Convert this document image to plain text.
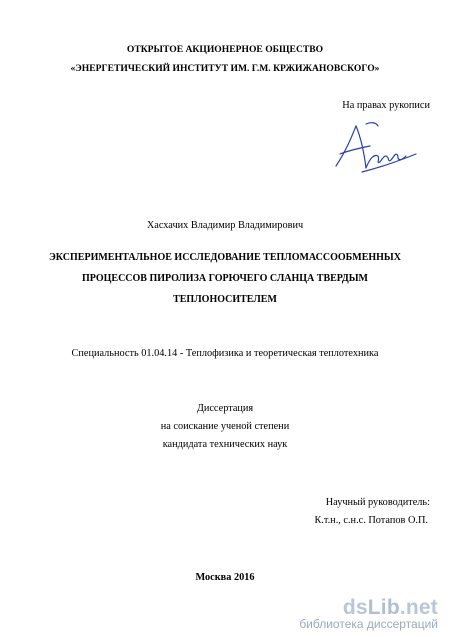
ОТКРЫТОЕ АКЦИОНЕРНОЕ ОБЩЕСТВО
«ЭНЕРГЕТИЧЕСКИЙ ИНСТИТУТ ИМ. Г.М. КРЖИЖАНОВСКОГО»
На правах рукописи
Хасхачих Владимир Владимирович
ЭКСПЕРИМЕНТАЛЬНОЕ ИССЛЕДОВАНИЕ ТЕПЛОМАССООБМЕННЫХ
ПРОЦЕССОВ ПИРОЛИЗА ГОРЮЧЕГО СЛАНЦА ТВЕРДЫМ
ТЕПЛОНОСИТЕЛЕМ
Специальность 01.04.14 - Теплофизика и теоретическая теплотехника
Диссертация
на соискание ученой степени
кандидата технических наук
Научный руководитель:
К.т.н., с.н.с. Потапов О.П.
Москва 2016
dsLib.net
библиотека диссертаций
